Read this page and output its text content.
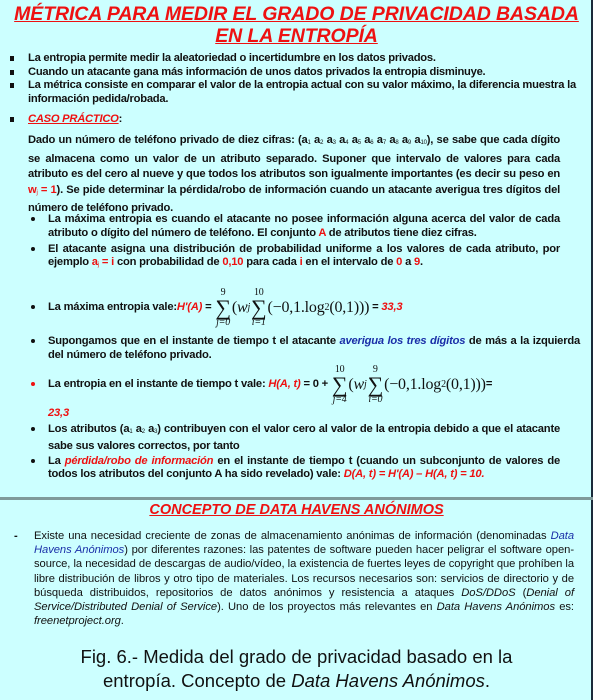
MÉTRICA PARA MEDIR EL GRADO DE PRIVACIDAD BASADA
EN LA ENTROPÍA
La entropia permite medir la aleatoriedad o incertidumbre en los datos privados.
Cuando un atacante gana más información de unos datos privados la entropia disminuye.
La métrica consiste en comparar el valor de la entropia actual con su valor máximo, la diferencia muestra la información pedida/robada.
CASO PRÁCTICO:
Dado un número de teléfono privado de diez cifras: ($a_1$ $a_2$ $a_3$ $a_4$ $a_5$ $a_6$ $a_7$ $a_8$ $a_9$ $a_{10}$), se sabe que cada dígito se almacena como un valor de un atributo separado. Suponer que intervalo de valores para cada atributo es del cero al nueve y que todos los atributos son igualmente importantes (es decir su peso en $w_j = 1$). Se pide determinar la pérdida/robo de información cuando un atacante averigua tres dígitos del número de teléfono privado.
La máxima entropia es cuando el atacante no posee información alguna acerca del valor de cada atributo o dígito del número de teléfono. El conjunto A de atributos tiene diez cifras.
El atacante asigna una distribución de probabilidad uniforme a los valores de cada atributo, por ejemplo $a_j = i$ con probabilidad de 0,10 para cada i en el intervalo de 0 a 9.
La máxima entropia vale: H'(A) =
9
∑
j=0
( w j
10
∑
i=1
(−0,1.log 2 (0,1))) = 33,3
Supongamos que en el instante de tiempo t el atacante averigua los tres dígitos de más a la izquierda del número de teléfono privado.
La entropia en el instante de tiempo t vale: H(A, t) = 0 +
10
∑
j=4
( w j
9
∑
i=0
(−0,1.log 2 (0,1))) =
23,3
Los atributos ($a_1$ $a_2$ $a_3$) contribuyen con el valor cero al valor de la entropia debido a que el atacante sabe sus valores correctos, por tanto
La pérdida/robo de información en el instante de tiempo t (cuando un subconjunto de valores de todos los atributos del conjunto A ha sido revelado) vale: D(A, t) = H'(A) – H(A, t) = 10.
CONCEPTO DE DATA HAVENS ANÓNIMOS
- Existe una necesidad creciente de zonas de almacenamiento anónimas de información (denominadas Data Havens Anónimos) por diferentes razones: las patentes de software pueden hacer peligrar el software open-source, la necesidad de descargas de audio/vídeo, la existencia de fuertes leyes de copyright que prohíben la libre distribución de libros y otro tipo de materiales. Los recursos necesarios son: servicios de directorio y de búsqueda distribuidos, repositorios de datos anónimos y resistencia a ataques DoS/DDoS (Denial of Service/Distributed Denial of Service). Uno de los proyectos más relevantes en Data Havens Anónimos es: freenetproject.org.
Fig. 6.- Medida del grado de privacidad basado en la
entropía. Concepto de Data Havens Anónimos.
